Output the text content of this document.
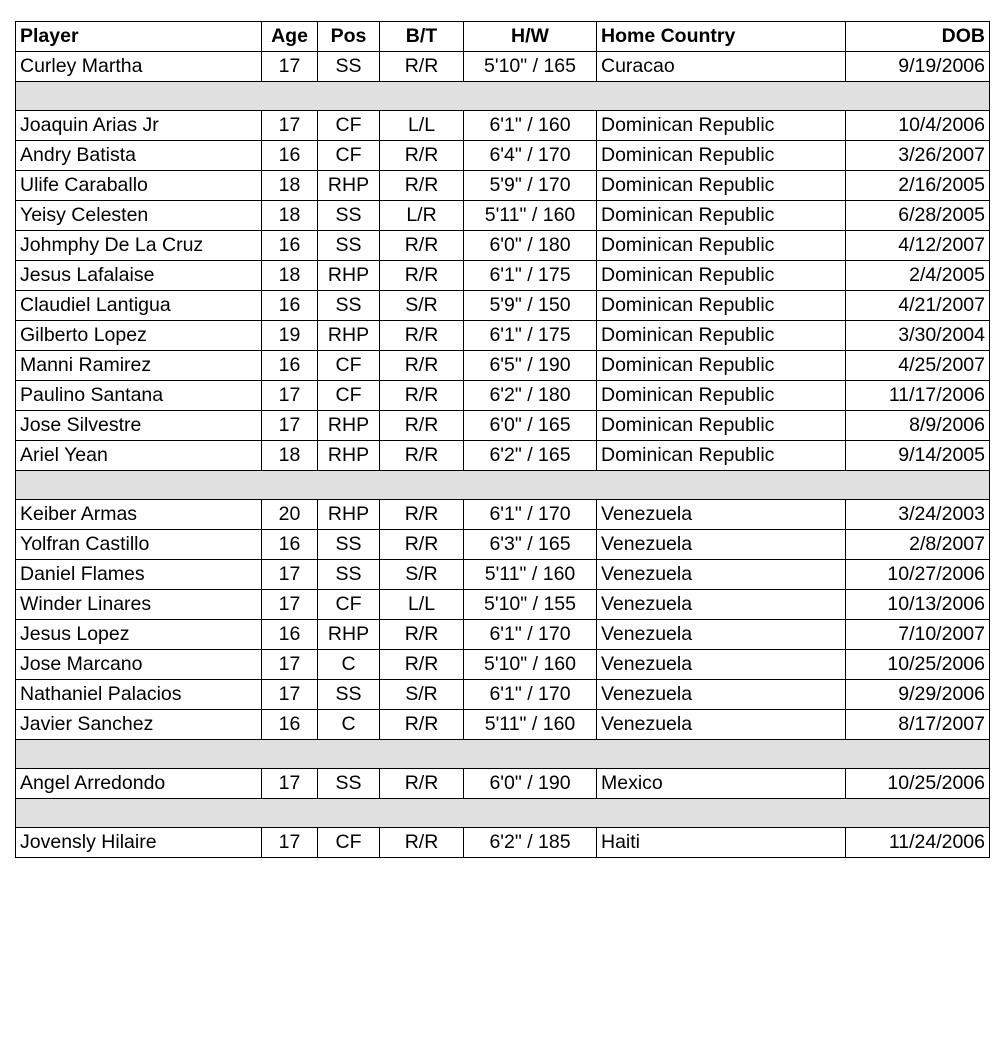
Player	Age	Pos	B/T	H/W	Home Country	DOB
Curley Martha	17	SS	R/R	5'10" / 165	Curacao	9/19/2006

Joaquin Arias Jr	17	CF	L/L	6'1" / 160	Dominican Republic	10/4/2006
Andry Batista	16	CF	R/R	6'4" / 170	Dominican Republic	3/26/2007
Ulife Caraballo	18	RHP	R/R	5'9" / 170	Dominican Republic	2/16/2005
Yeisy Celesten	18	SS	L/R	5'11" / 160	Dominican Republic	6/28/2005
Johmphy De La Cruz	16	SS	R/R	6'0" / 180	Dominican Republic	4/12/2007
Jesus Lafalaise	18	RHP	R/R	6'1" / 175	Dominican Republic	2/4/2005
Claudiel Lantigua	16	SS	S/R	5'9" / 150	Dominican Republic	4/21/2007
Gilberto Lopez	19	RHP	R/R	6'1" / 175	Dominican Republic	3/30/2004
Manni Ramirez	16	CF	R/R	6'5" / 190	Dominican Republic	4/25/2007
Paulino Santana	17	CF	R/R	6'2" / 180	Dominican Republic	11/17/2006
Jose Silvestre	17	RHP	R/R	6'0" / 165	Dominican Republic	8/9/2006
Ariel Yean	18	RHP	R/R	6'2" / 165	Dominican Republic	9/14/2005

Keiber Armas	20	RHP	R/R	6'1" / 170	Venezuela	3/24/2003
Yolfran Castillo	16	SS	R/R	6'3" / 165	Venezuela	2/8/2007
Daniel Flames	17	SS	S/R	5'11" / 160	Venezuela	10/27/2006
Winder Linares	17	CF	L/L	5'10" / 155	Venezuela	10/13/2006
Jesus Lopez	16	RHP	R/R	6'1" / 170	Venezuela	7/10/2007
Jose Marcano	17	C	R/R	5'10" / 160	Venezuela	10/25/2006
Nathaniel Palacios	17	SS	S/R	6'1" / 170	Venezuela	9/29/2006
Javier Sanchez	16	C	R/R	5'11" / 160	Venezuela	8/17/2007

Angel Arredondo	17	SS	R/R	6'0" / 190	Mexico	10/25/2006

Jovensly Hilaire	17	CF	R/R	6'2" / 185	Haiti	11/24/2006
